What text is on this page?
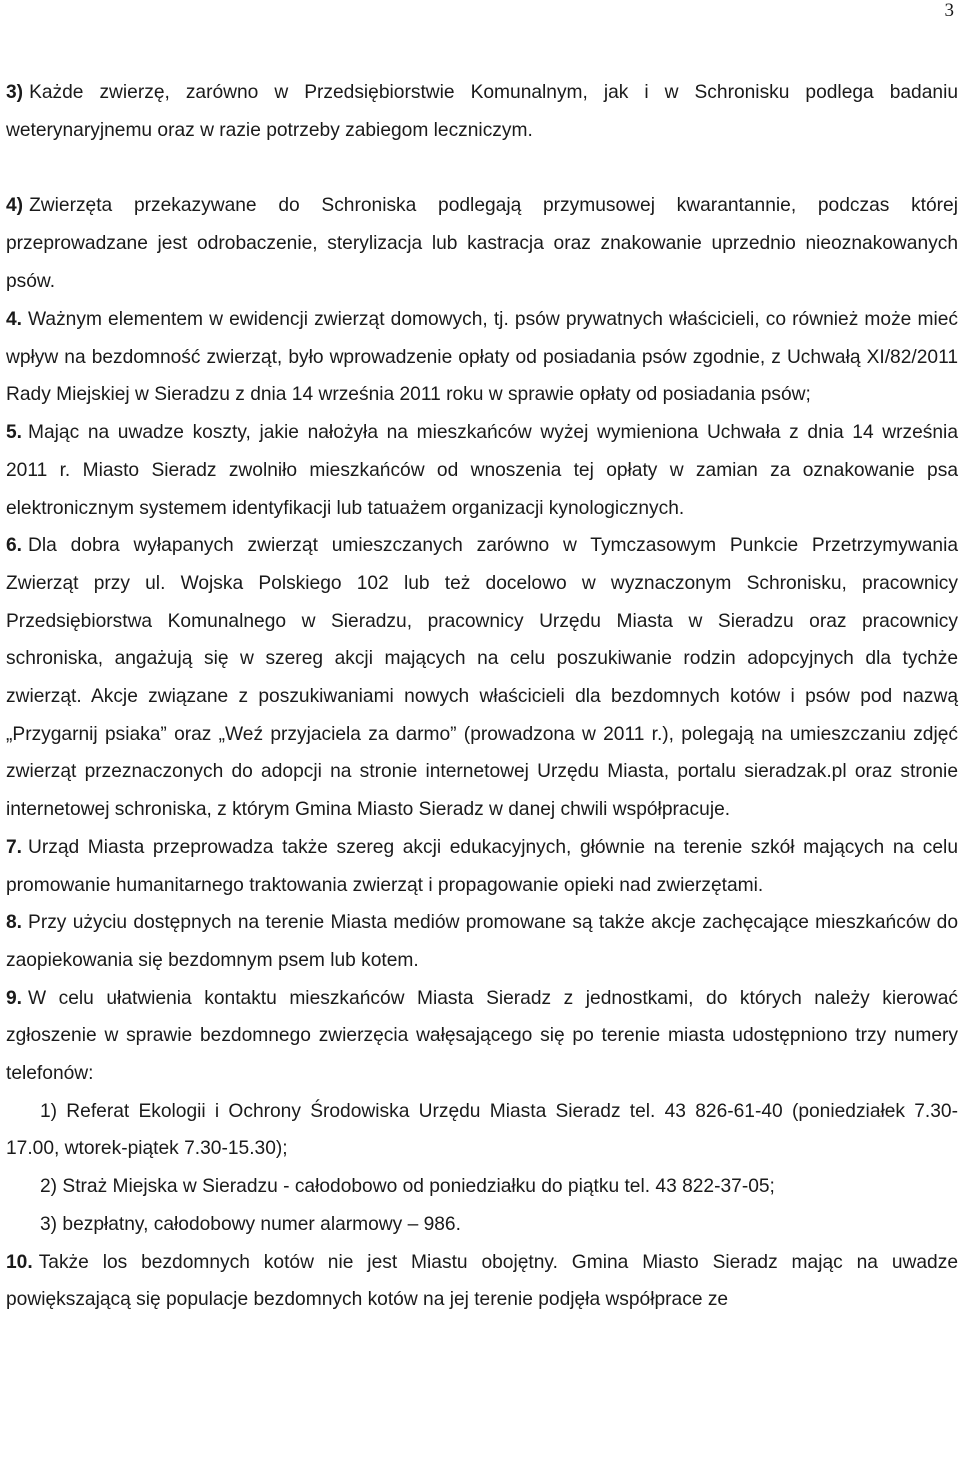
3

3) Każde zwierzę, zarówno w Przedsiębiorstwie Komunalnym, jak i w Schronisku podlega badaniu weterynaryjnemu oraz w razie potrzeby zabiegom leczniczym.

4) Zwierzęta przekazywane do Schroniska podlegają przymusowej kwarantannie, podczas której przeprowadzane jest odrobaczenie, sterylizacja lub kastracja oraz znakowanie uprzednio nieoznakowanych psów.

4. Ważnym elementem w ewidencji zwierząt domowych, tj. psów prywatnych właścicieli, co również może mieć wpływ na bezdomność zwierząt, było wprowadzenie opłaty od posiadania psów zgodnie, z Uchwałą XI/82/2011 Rady Miejskiej w Sieradzu z dnia 14 września 2011 roku w sprawie opłaty od posiadania psów;

5. Mając na uwadze koszty, jakie nałożyła na mieszkańców wyżej wymieniona Uchwała z dnia 14 września 2011 r. Miasto Sieradz zwolniło mieszkańców od wnoszenia tej opłaty w zamian za oznakowanie psa elektronicznym systemem identyfikacji lub tatuażem organizacji kynologicznych.

6. Dla dobra wyłapanych zwierząt umieszczanych zarówno w Tymczasowym Punkcie Przetrzymywania Zwierząt przy ul. Wojska Polskiego 102 lub też docelowo w wyznaczonym Schronisku, pracownicy Przedsiębiorstwa Komunalnego w Sieradzu, pracownicy Urzędu Miasta w Sieradzu oraz pracownicy schroniska, angażują się w szereg akcji mających na celu poszukiwanie rodzin adopcyjnych dla tychże zwierząt. Akcje związane z poszukiwaniami nowych właścicieli dla bezdomnych kotów i psów pod nazwą „Przygarnij psiaka” oraz „Weź przyjaciela za darmo” (prowadzona w 2011 r.), polegają na umieszczaniu zdjęć zwierząt przeznaczonych do adopcji na stronie internetowej Urzędu Miasta, portalu sieradzak.pl oraz stronie internetowej schroniska, z którym Gmina Miasto Sieradz w danej chwili współpracuje.

7. Urząd Miasta przeprowadza także szereg akcji edukacyjnych, głównie na terenie szkół mających na celu promowanie humanitarnego traktowania zwierząt i propagowanie opieki nad zwierzętami.

8. Przy użyciu dostępnych na terenie Miasta mediów promowane są także akcje zachęcające mieszkańców do zaopiekowania się bezdomnym psem lub kotem.

9. W celu ułatwienia kontaktu mieszkańców Miasta Sieradz z jednostkami, do których należy kierować zgłoszenie w sprawie bezdomnego zwierzęcia wałęsającego się po terenie miasta udostępniono trzy numery telefonów:

1) Referat Ekologii i Ochrony Środowiska Urzędu Miasta Sieradz tel. 43 826-61-40 (poniedziałek 7.30-17.00, wtorek-piątek 7.30-15.30);

2) Straż Miejska w Sieradzu - całodobowo od poniedziałku do piątku tel. 43 822-37-05;

3) bezpłatny, całodobowy numer alarmowy – 986.

10. Także los bezdomnych kotów nie jest Miastu obojętny. Gmina Miasto Sieradz mając na uwadze powiększającą się populacje bezdomnych kotów na jej terenie podjęła współprace ze
